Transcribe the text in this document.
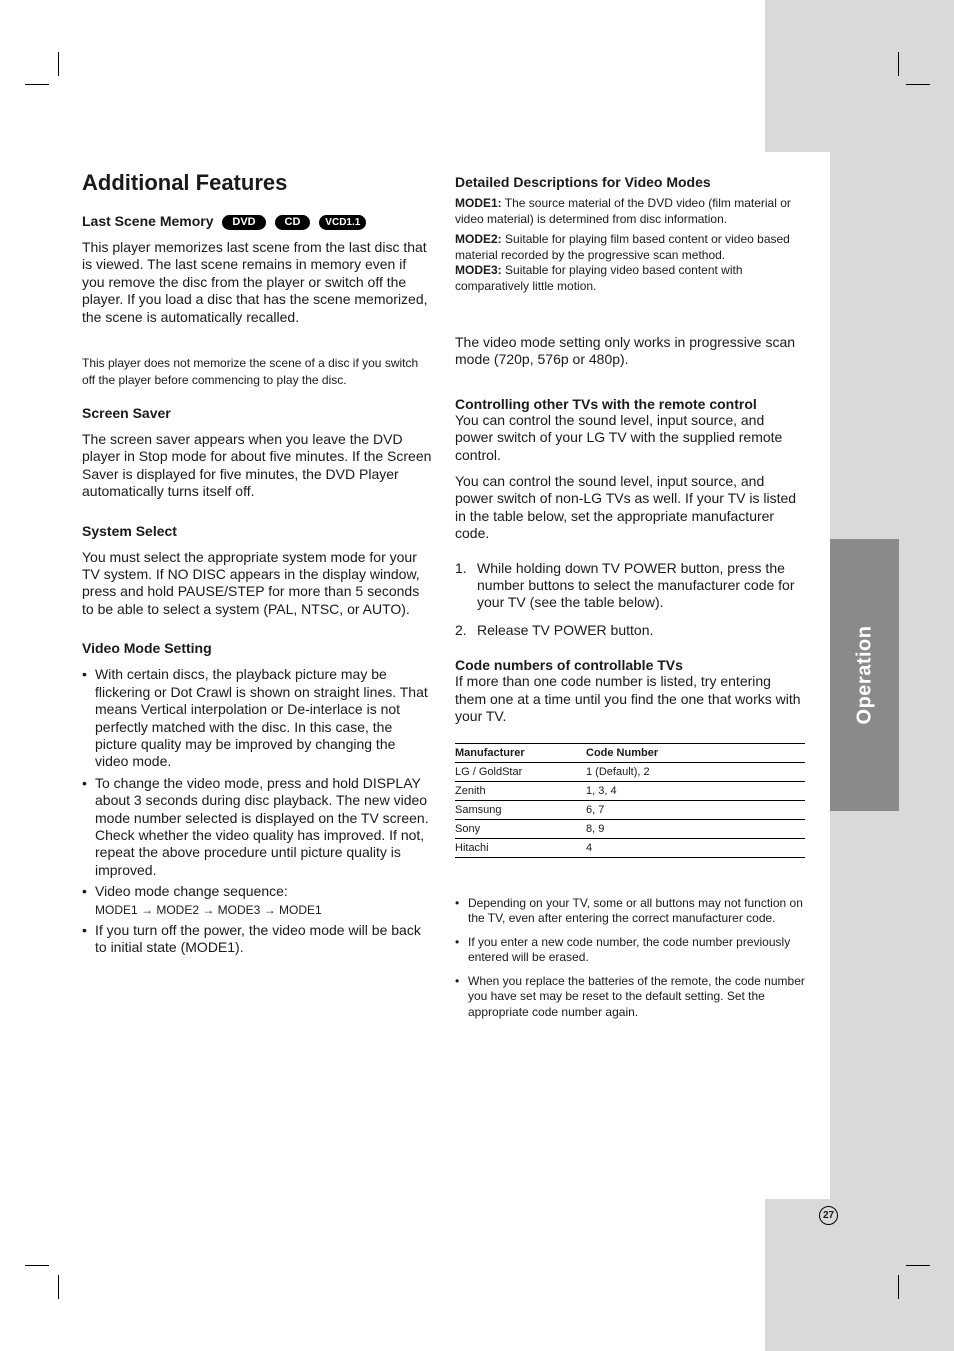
Operation
27
Additional Features
Last Scene Memory DVD	CD VCD1.1

This player memorizes last scene from the last disc that is viewed. The last scene remains in memory even if you remove the disc from the player or switch off the player. If you load a disc that has the scene memorized, the scene is automatically recalled.

This player does not memorize the scene of a disc if you switch off the player before commencing to play the disc.

Screen Saver

The screen saver appears when you leave the DVD player in Stop mode for about five minutes. If the Screen Saver is displayed for five minutes, the DVD Player automatically turns itself off.

System Select

You must select the appropriate system mode for your TV system. If NO DISC appears in the display window, press and hold PAUSE/STEP for more than 5 seconds to be able to select a system (PAL, NTSC, or AUTO).

Video Mode Setting
• With certain discs, the playback picture may be flickering or Dot Crawl is shown on straight lines. That means Vertical interpolation or De-interlace is not perfectly matched with the disc. In this case, the picture quality may be improved by changing the video mode.
• To change the video mode, press and hold DISPLAY about 3 seconds during disc playback. The new video mode number selected is displayed on the TV screen. Check whether the video quality has improved. If not, repeat the above procedure until picture quality is improved.
• Video mode change sequence:
MODE1 → MODE2 → MODE3 → MODE1
• If you turn off the power, the video mode will be back to initial state (MODE1).
Detailed Descriptions for Video Modes

MODE1: The source material of the DVD video (film material or video material) is determined from disc information.

MODE2: Suitable for playing film based content or video based material recorded by the progressive scan method.

MODE3: Suitable for playing video based content with comparatively little motion.

The video mode setting only works in progressive scan mode (720p, 576p or 480p).

Controlling other TVs with the remote control

You can control the sound level, input source, and power switch of your LG TV with the supplied remote control.

You can control the sound level, input source, and power switch of non-LG TVs as well. If your TV is listed in the table below, set the appropriate manufacturer code.

1. While holding down TV POWER button, press the number buttons to select the manufacturer code for your TV (see the table below).
2. Release TV POWER button.
Code numbers of controllable TVs

If more than one code number is listed, try entering them one at a time until you find the one that works with your TV.

Manufacturer	Code Number
LG / GoldStar	1 (Default), 2
Zenith	1, 3, 4
Samsung	6, 7
Sony	8, 9
Hitachi	4
• Depending on your TV, some or all buttons may not function on the TV, even after entering the correct manufacturer code.
• If you enter a new code number, the code number previously entered will be erased.
• When you replace the batteries of the remote, the code number you have set may be reset to the default setting. Set the appropriate code number again.
